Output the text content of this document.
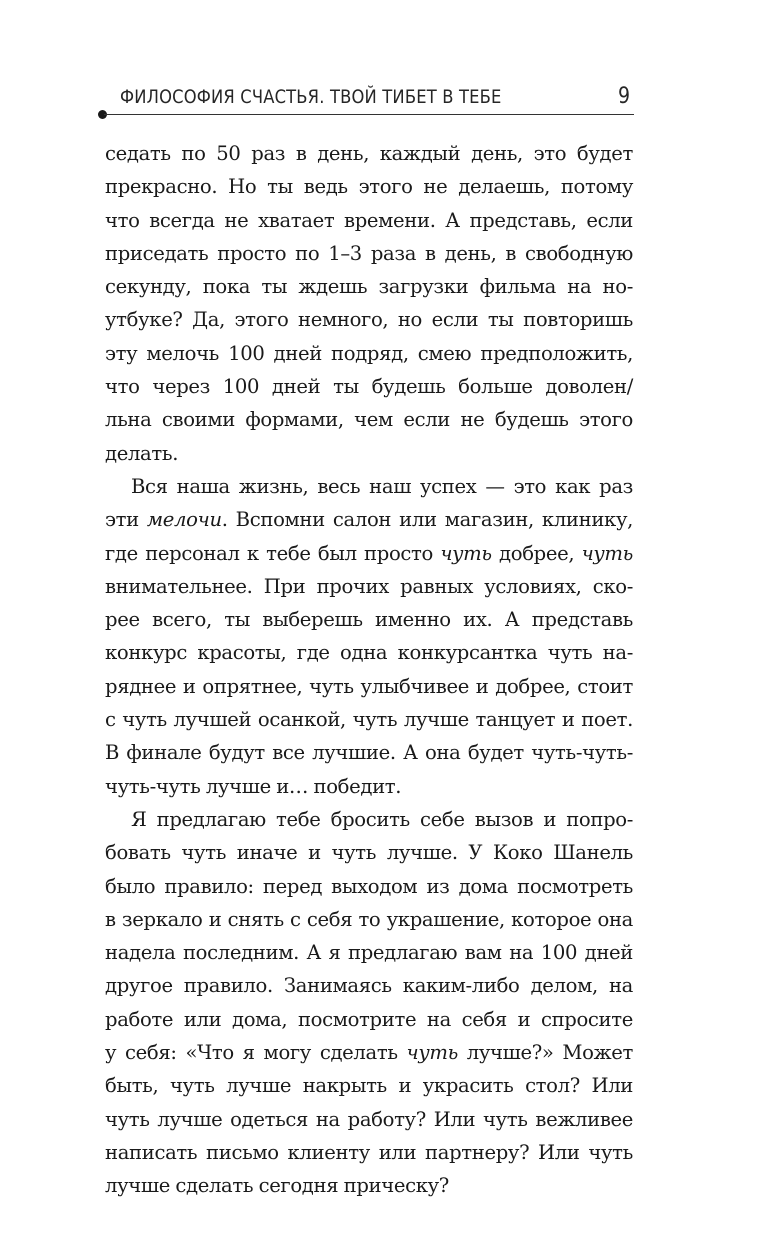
ФИЛОСОФИЯ СЧАСТЬЯ. ТВОЙ ТИБЕТ В ТЕБЕ	9
седать по 50 раз в день, каждый день, это будет
прекрасно. Но ты ведь этого не делаешь, потому
что всегда не хватает времени. А представь, если
приседать просто по 1–3 раза в день, в свободную
секунду, пока ты ждешь загрузки фильма на но-
утбуке? Да, этого немного, но если ты повторишь
эту мелочь 100 дней подряд, смею предположить,
что через 100 дней ты будешь больше доволен/
льна своими формами, чем если не будешь этого
делать.
Вся наша жизнь, весь наш успех — это как раз
эти мелочи. Вспомни салон или магазин, клинику,
где персонал к тебе был просто чуть добрее, чуть
внимательнее. При прочих равных условиях, ско-
рее всего, ты выберешь именно их. А представь
конкурс красоты, где одна конкурсантка чуть на-
ряднее и опрятнее, чуть улыбчивее и добрее, стоит
с чуть лучшей осанкой, чуть лучше танцует и поет.
В финале будут все лучшие. А она будет чуть-чуть-
чуть-чуть лучше и… победит.
Я предлагаю тебе бросить себе вызов и попро-
бовать чуть иначе и чуть лучше. У Коко Шанель
было правило: перед выходом из дома посмотреть
в зеркало и снять с себя то украшение, которое она
надела последним. А я предлагаю вам на 100 дней
другое правило. Занимаясь каким-либо делом, на
работе или дома, посмотрите на себя и спросите
у себя: «Что я могу сделать чуть лучше?» Может
быть, чуть лучше накрыть и украсить стол? Или
чуть лучше одеться на работу? Или чуть вежливее
написать письмо клиенту или партнеру? Или чуть
лучше сделать сегодня прическу?
